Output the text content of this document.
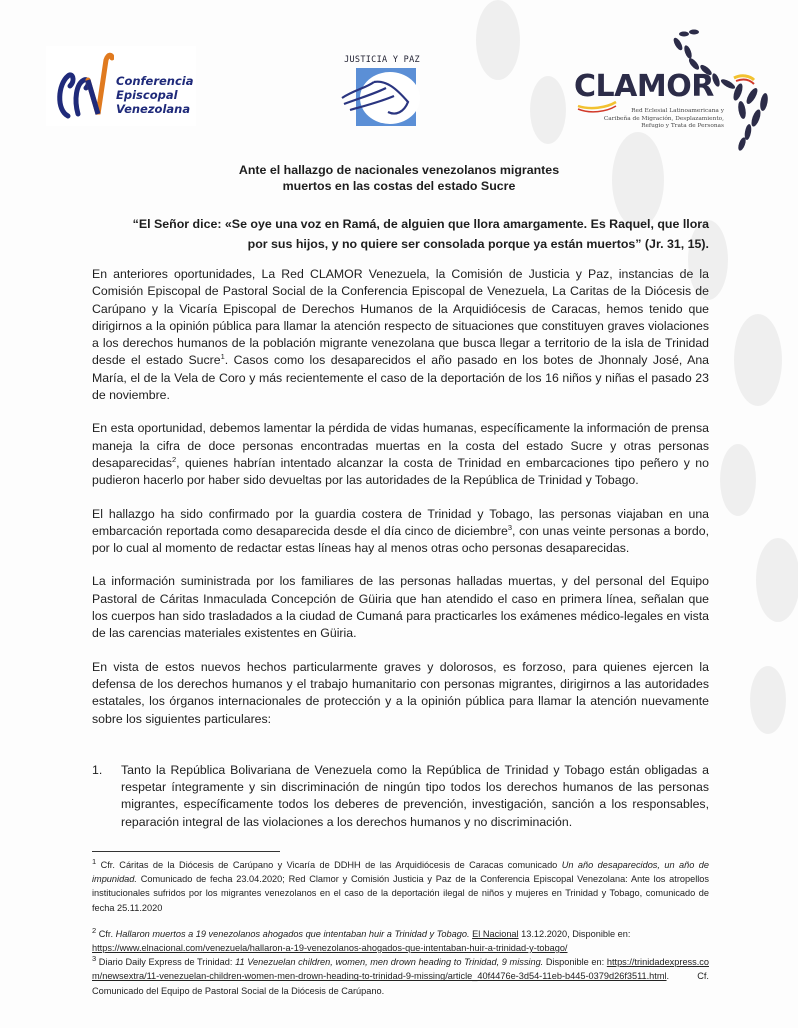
Conferencia
Episcopal
Venezolana
JUSTICIA Y PAZ
CLAMOR
Red Eclesial Latinoamericana y
Caribeña de Migración, Desplazamiento,
Refugio y Trata de Personas
Ante el hallazgo de nacionales venezolanos migrantes
muertos en las costas del estado Sucre
“El Señor dice: «Se oye una voz en Ramá, de alguien que llora amargamente. Es Raquel, que llora
por sus hijos, y no quiere ser consolada porque ya están muertos” (Jr. 31, 15).

En anteriores oportunidades, La Red CLAMOR Venezuela, la Comisión de Justicia y Paz, instancias de la Comisión Episcopal de Pastoral Social de la Conferencia Episcopal de Venezuela, La Caritas de la Diócesis de Carúpano y la Vicaría Episcopal de Derechos Humanos de la Arquidiócesis de Caracas, hemos tenido que dirigirnos a la opinión pública para llamar la atención respecto de situaciones que constituyen graves violaciones a los derechos humanos de la población migrante venezolana que busca llegar a territorio de la isla de Trinidad desde el estado Sucre$^1$. Casos como los desaparecidos el año pasado en los botes de Jhonnaly José, Ana María, el de la Vela de Coro y más recientemente el caso de la deportación de los 16 niños y niñas el pasado 23 de noviembre.

En esta oportunidad, debemos lamentar la pérdida de vidas humanas, específicamente la información de prensa maneja la cifra de doce personas encontradas muertas en la costa del estado Sucre y otras personas desaparecidas$^2$, quienes habrían intentado alcanzar la costa de Trinidad en embarcaciones tipo peñero y no pudieron hacerlo por haber sido devueltas por las autoridades de la República de Trinidad y Tobago.

El hallazgo ha sido confirmado por la guardia costera de Trinidad y Tobago, las personas viajaban en una embarcación reportada como desaparecida desde el día cinco de diciembre$^3$, con unas veinte personas a bordo, por lo cual al momento de redactar estas líneas hay al menos otras ocho personas desaparecidas.

La información suministrada por los familiares de las personas halladas muertas, y del personal del Equipo Pastoral de Cáritas Inmaculada Concepción de Güiria que han atendido el caso en primera línea, señalan que los cuerpos han sido trasladados a la ciudad de Cumaná para practicarles los exámenes médico-legales en vista de las carencias materiales existentes en Güiria.

En vista de estos nuevos hechos particularmente graves y dolorosos, es forzoso, para quienes ejercen la defensa de los derechos humanos y el trabajo humanitario con personas migrantes, dirigirnos a las autoridades estatales, los órganos internacionales de protección y a la opinión pública para llamar la atención nuevamente sobre los siguientes particulares:

1. Tanto la República Bolivariana de Venezuela como la República de Trinidad y Tobago están obligadas a respetar íntegramente y sin discriminación de ningún tipo todos los derechos humanos de las personas migrantes, específicamente todos los deberes de prevención, investigación, sanción a los responsables, reparación integral de las violaciones a los derechos humanos y no discriminación.
$^1$ Cfr. Cáritas de la Diócesis de Carúpano y Vicaría de DDHH de las Arquidiócesis de Caracas comunicado Un año desaparecidos, un año de impunidad. Comunicado de fecha 23.04.2020; Red Clamor y Comisión Justicia y Paz de la Conferencia Episcopal Venezolana: Ante los atropellos institucionales sufridos por los migrantes venezolanos en el caso de la deportación ilegal de niños y mujeres en Trinidad y Tobago, comunicado de fecha 25.11.2020
$^2$ Cfr. Hallaron muertos a 19 venezolanos ahogados que intentaban huir a Trinidad y Tobago. El Nacional 13.12.2020, Disponible en:
https://www.elnacional.com/venezuela/hallaron-a-19-venezolanos-ahogados-que-intentaban-huir-a-trinidad-y-tobago/
$^3$ Diario Daily Express de Trinidad: 11 Venezuelan children, women, men drown heading to Trinidad, 9 missing. Disponible en: https://trinidadexpress.com/newsextra/11-venezuelan-children-women-men-drown-heading-to-trinidad-9-missing/article_40f4476e-3d54-11eb-b445-0379d26f3511.html. Cf. Comunicado del Equipo de Pastoral Social de la Diócesis de Carúpano.
